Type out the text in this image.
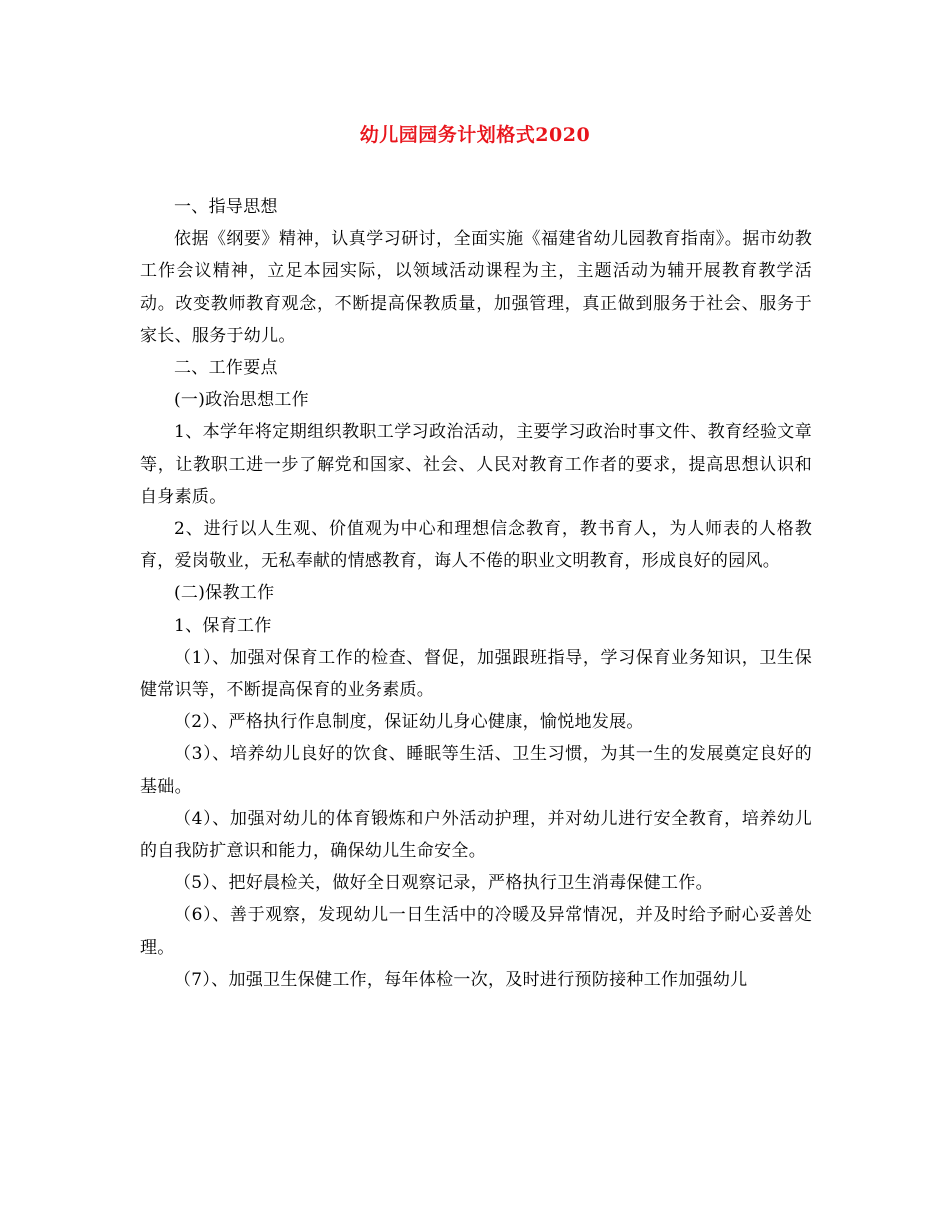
幼儿园园务计划格式2020

一、指导思想

依据《纲要》精神，认真学习研讨，全面实施《福建省幼儿园教育指南》。据市幼教工作会议精神，立足本园实际，以领域活动课程为主，主题活动为辅开展教育教学活动。改变教师教育观念，不断提高保教质量，加强管理，真正做到服务于社会、服务于家长、服务于幼儿。

二、工作要点

(一)政治思想工作

1、本学年将定期组织教职工学习政治活动，主要学习政治时事文件、教育经验文章等，让教职工进一步了解党和国家、社会、人民对教育工作者的要求，提高思想认识和自身素质。

2、进行以人生观、价值观为中心和理想信念教育，教书育人，为人师表的人格教育，爱岗敬业，无私奉献的情感教育，诲人不倦的职业文明教育，形成良好的园风。

(二)保教工作

1、保育工作

（1）、加强对保育工作的检查、督促，加强跟班指导，学习保育业务知识，卫生保健常识等，不断提高保育的业务素质。

（2）、严格执行作息制度，保证幼儿身心健康，愉悦地发展。

（3）、培养幼儿良好的饮食、睡眠等生活、卫生习惯，为其一生的发展奠定良好的基础。

（4）、加强对幼儿的体育锻炼和户外活动护理，并对幼儿进行安全教育，培养幼儿的自我防扩意识和能力，确保幼儿生命安全。

（5）、把好晨检关，做好全日观察记录，严格执行卫生消毒保健工作。

（6）、善于观察，发现幼儿一日生活中的冷暖及异常情况，并及时给予耐心妥善处理。

（7）、加强卫生保健工作，每年体检一次，及时进行预防接种工作加强幼儿
